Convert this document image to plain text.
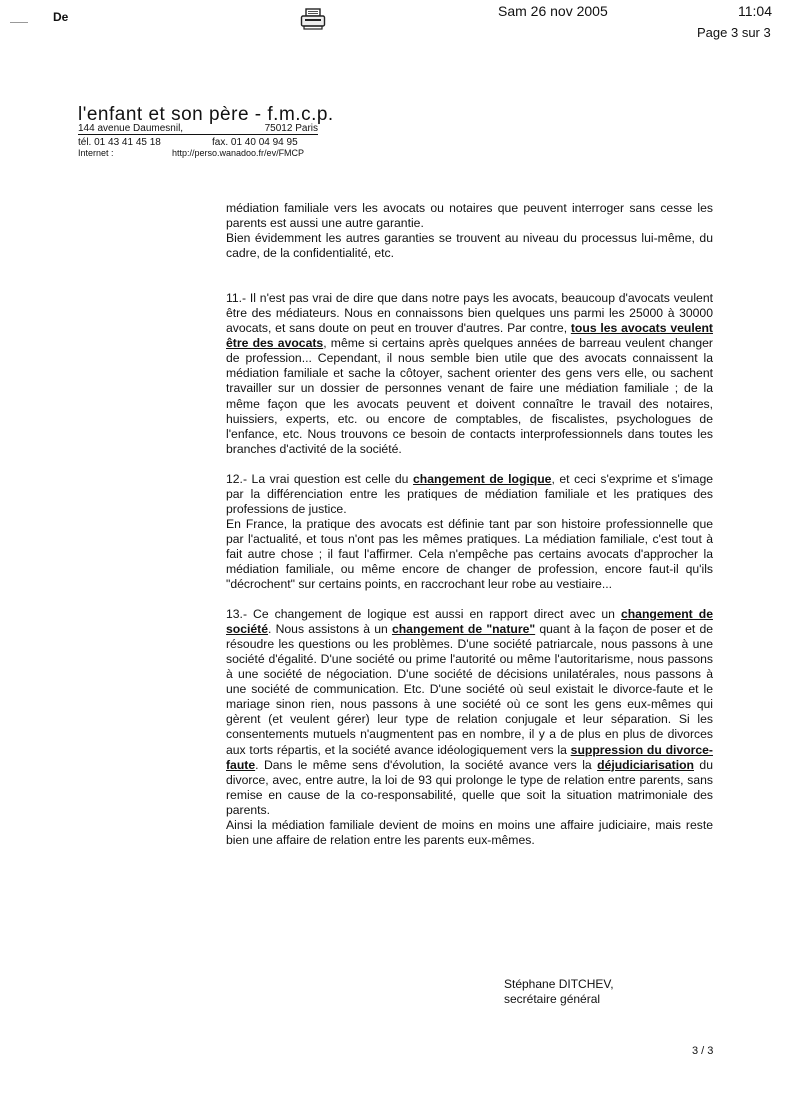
De	Sam 26 nov 2005	11:04
Page 3 sur 3
l'enfant et son père - f.m.c.p.
144 avenue Daumesnil,	75012 Paris
tél. 01 43 41 45 18	fax. 01 40 04 94 95
Internet :	http://perso.wanadoo.fr/ev/FMCP

médiation familiale vers les avocats ou notaires que peuvent interroger sans cesse les parents est aussi une autre garantie.

Bien évidemment les autres garanties se trouvent au niveau du processus lui-même, du cadre, de la confidentialité, etc.

11.- Il n'est pas vrai de dire que dans notre pays les avocats, beaucoup d'avocats veulent être des médiateurs. Nous en connaissons bien quelques uns parmi les 25000 à 30000 avocats, et sans doute on peut en trouver d'autres. Par contre, tous les avocats veulent être des avocats, même si certains après quelques années de barreau veulent changer de profession... Cependant, il nous semble bien utile que des avocats connaissent la médiation familiale et sache la côtoyer, sachent orienter des gens vers elle, ou sachent travailler sur un dossier de personnes venant de faire une médiation familiale ; de la même façon que les avocats peuvent et doivent connaître le travail des notaires, huissiers, experts, etc. ou encore de comptables, de fiscalistes, psychologues de l'enfance, etc. Nous trouvons ce besoin de contacts interprofessionnels dans toutes les branches d'activité de la société.

12.- La vrai question est celle du changement de logique, et ceci s'exprime et s'image par la différenciation entre les pratiques de médiation familiale et les pratiques des professions de justice.

En France, la pratique des avocats est définie tant par son histoire professionnelle que par l'actualité, et tous n'ont pas les mêmes pratiques. La médiation familiale, c'est tout à fait autre chose ; il faut l'affirmer. Cela n'empêche pas certains avocats d'approcher la médiation familiale, ou même encore de changer de profession, encore faut-il qu'ils "décrochent" sur certains points, en raccrochant leur robe au vestiaire...

13.- Ce changement de logique est aussi en rapport direct avec un changement de société. Nous assistons à un changement de "nature" quant à la façon de poser et de résoudre les questions ou les problèmes. D'une société patriarcale, nous passons à une société d'égalité. D'une société ou prime l'autorité ou même l'autoritarisme, nous passons à une société de négociation. D'une société de décisions unilatérales, nous passons à une société de communication. Etc. D'une société où seul existait le divorce-faute et le mariage sinon rien, nous passons à une société où ce sont les gens eux-mêmes qui gèrent (et veulent gérer) leur type de relation conjugale et leur séparation. Si les consentements mutuels n'augmentent pas en nombre, il y a de plus en plus de divorces aux torts répartis, et la société avance idéologiquement vers la suppression du divorce-faute. Dans le même sens d'évolution, la société avance vers la déjudiciarisation du divorce, avec, entre autre, la loi de 93 qui prolonge le type de relation entre parents, sans remise en cause de la co-responsabilité, quelle que soit la situation matrimoniale des parents.

Ainsi la médiation familiale devient de moins en moins une affaire judiciaire, mais reste bien une affaire de relation entre les parents eux-mêmes.

Stéphane DITCHEV,
secrétaire général
3 / 3
